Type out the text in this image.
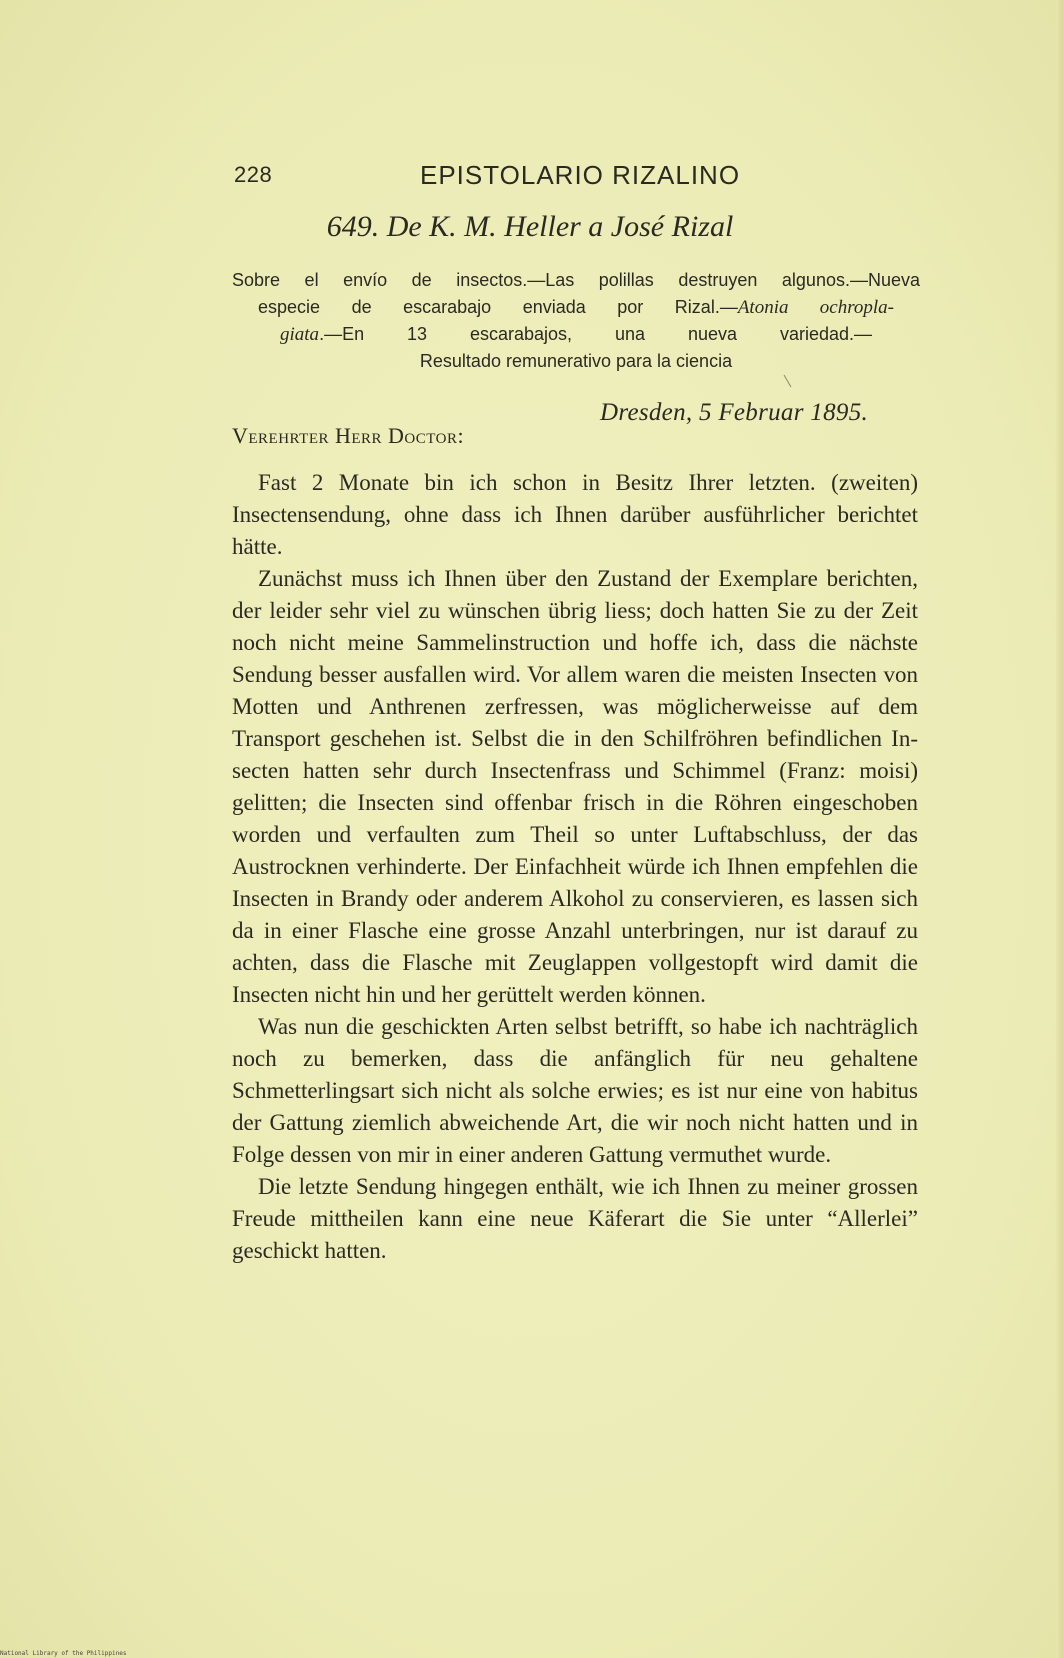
228	EPISTOLARIO RIZALINO
649. De K. M. Heller a José Rizal
Sobre el envío de insectos.—Las polillas destruyen algunos.—Nueva
especie de escarabajo enviada por Rizal.—Atonia ochropla-
giata.—En 13 escarabajos, una nueva variedad.—
Resultado remunerativo para la ciencia
Dresden, 5 Februar 1895.
Verehrter Herr Doctor:

Fast 2 Monate bin ich schon in Besitz Ihrer letzten. (zweiten) Insectensendung, ohne dass ich Ihnen darüber ausführlicher berichtet hätte.

Zunächst muss ich Ihnen über den Zustand der Exemplare berichten, der leider sehr viel zu wünschen übrig liess; doch hatten Sie zu der Zeit noch nicht meine Sammelinstruction und hoffe ich, dass die nächste Sendung besser ausfallen wird. Vor allem waren die meisten Insecten von Motten und Anthrenen zerfressen, was möglicherweisse auf dem Transport geschehen ist. Selbst die in den Schilfröhren befindlichen Insecten hatten sehr durch Insectenfrass und Schimmel (Franz: moisi) gelitten; die Insecten sind offenbar frisch in die Röhren eingeschoben worden und verfaulten zum Theil so unter Luftabschluss, der das Austrocknen verhinderte. Der Einfachheit würde ich Ihnen empfehlen die Insecten in Brandy oder anderem Alkohol zu conservieren, es lassen sich da in einer Flasche eine grosse Anzahl unterbringen, nur ist darauf zu achten, dass die Flasche mit Zeuglappen vollgestopft wird damit die Insecten nicht hin und her gerüttelt werden können.

Was nun die geschickten Arten selbst betrifft, so habe ich nachträglich noch zu bemerken, dass die anfänglich für neu gehaltene Schmetterlingsart sich nicht als solche erwies; es ist nur eine von habitus der Gattung ziemlich abweichende Art, die wir noch nicht hatten und in Folge dessen von mir in einer anderen Gattung vermuthet wurde.

Die letzte Sendung hingegen enthält, wie ich Ihnen zu meiner grossen Freude mittheilen kann eine neue Käferart die Sie unter “Allerlei” geschickt hatten.

National Library of the Philippines
